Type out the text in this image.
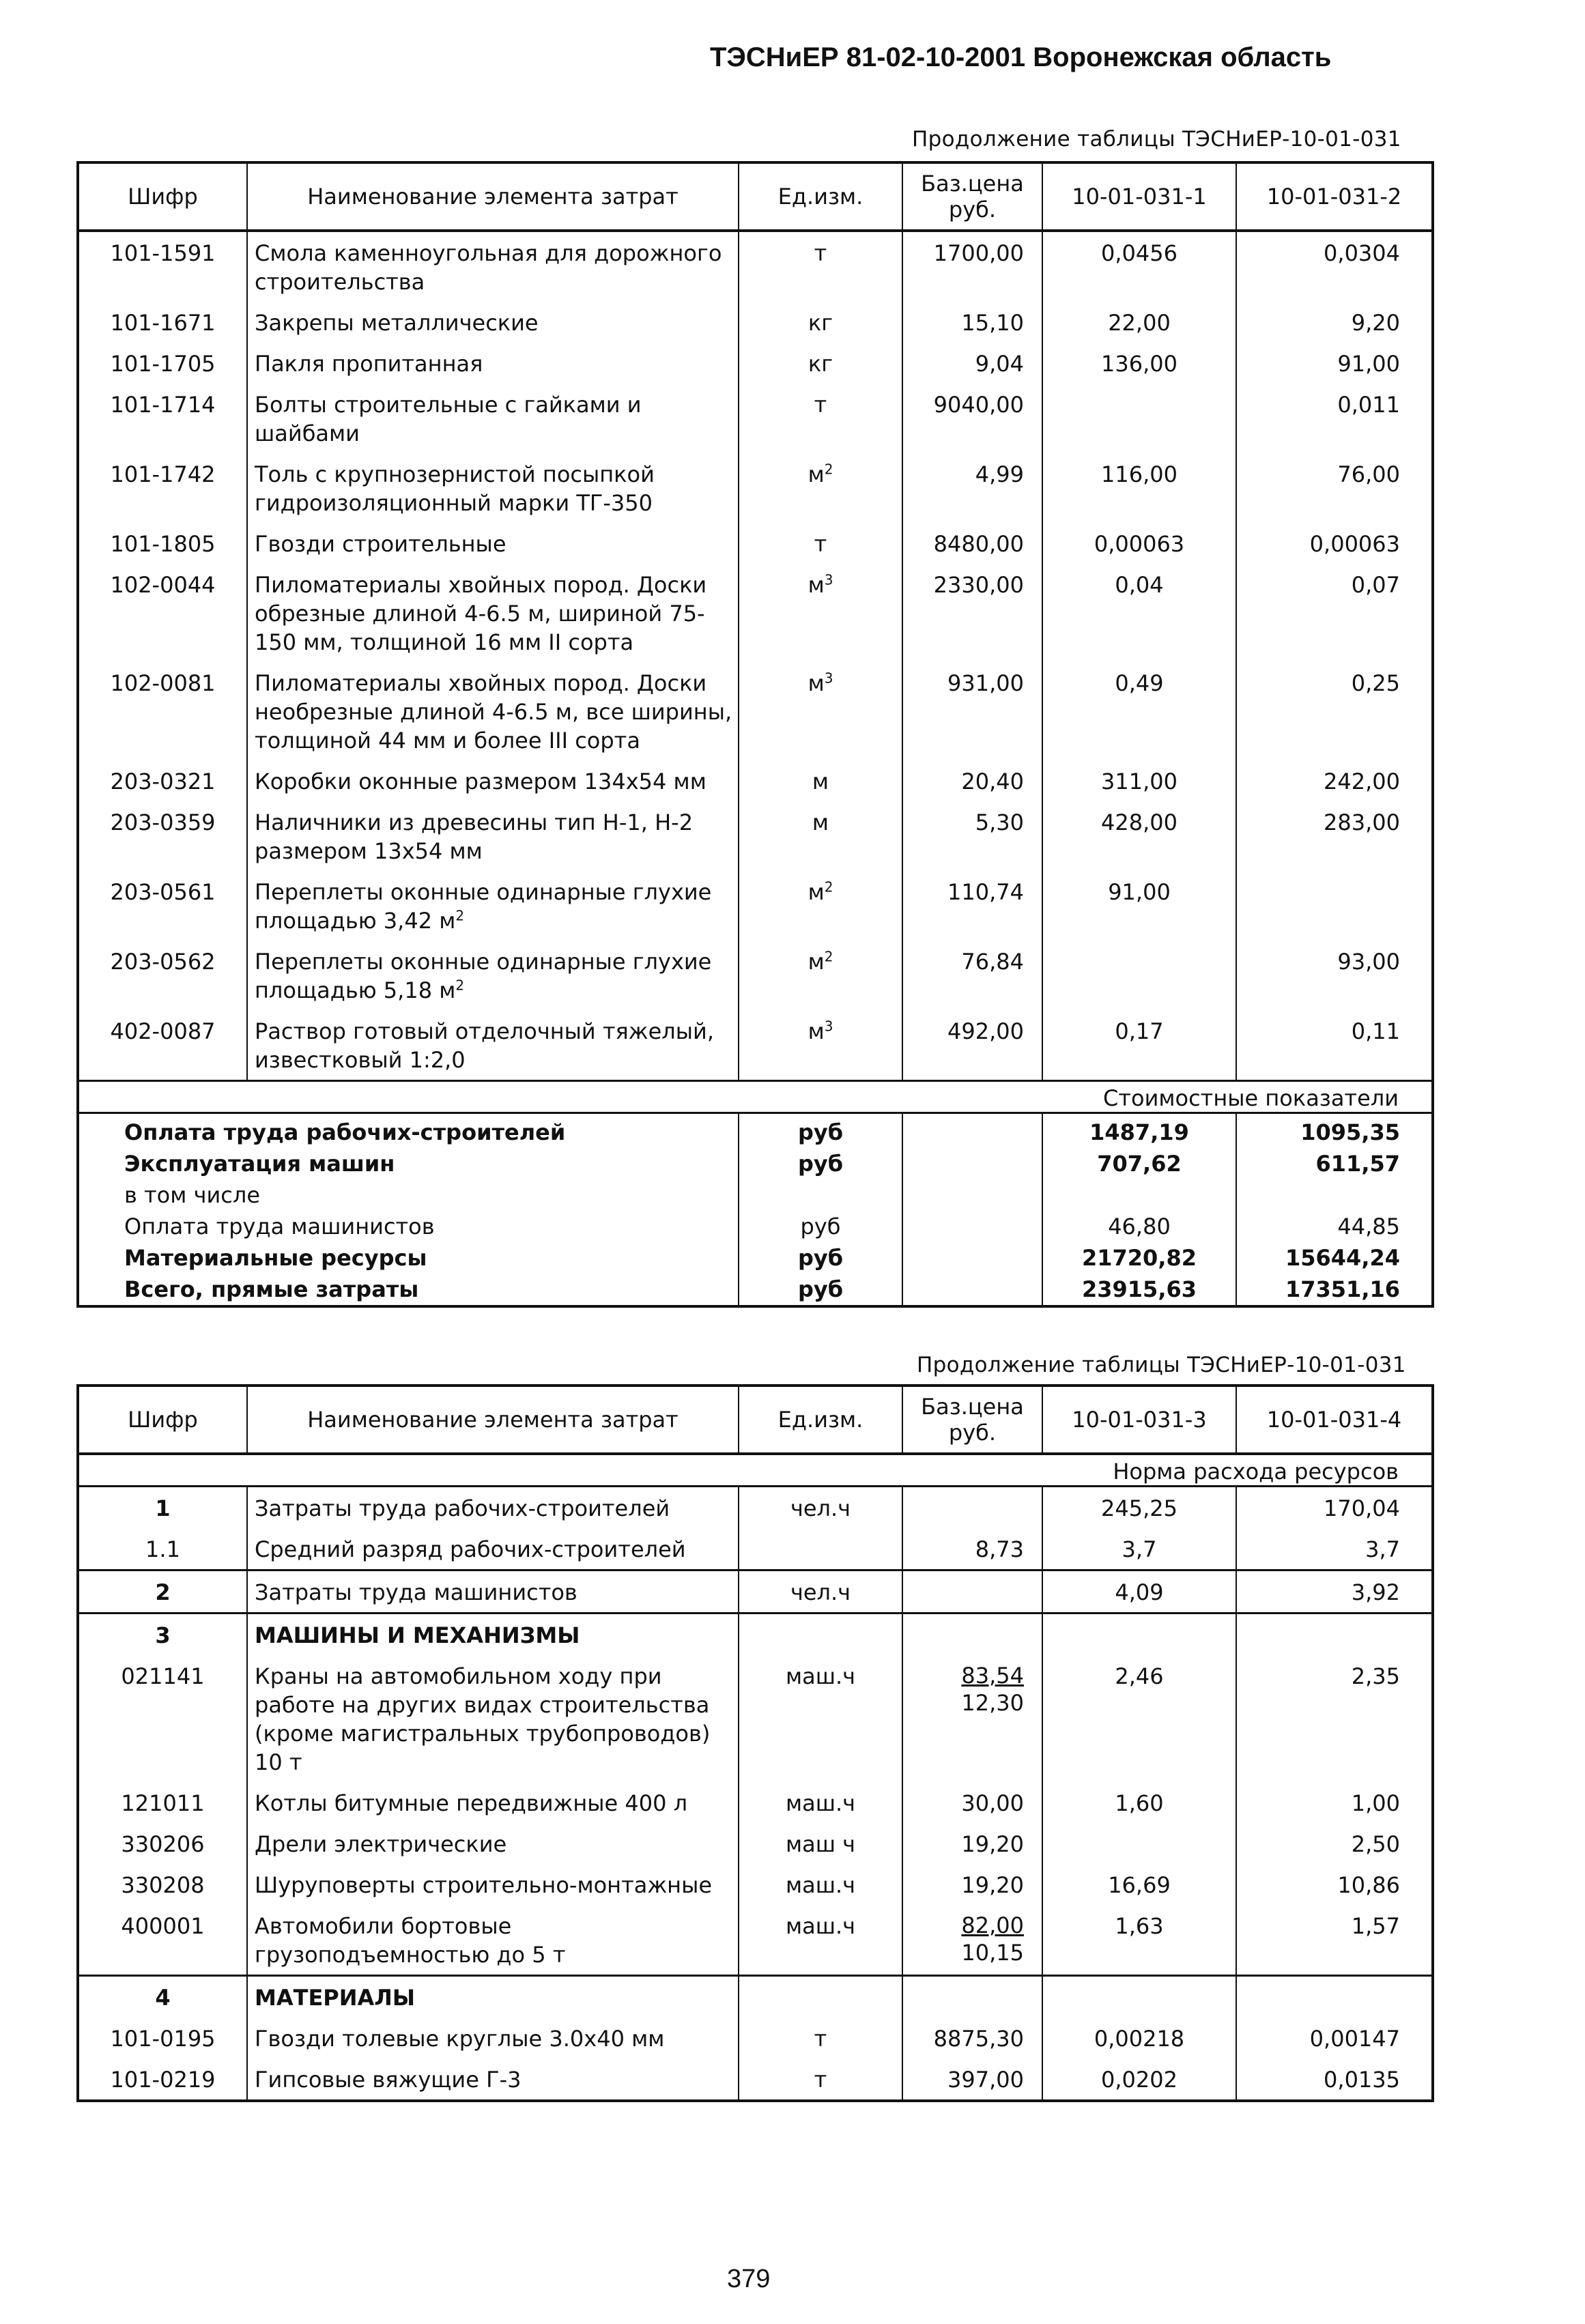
ТЭСНиЕР 81-02-10-2001 Воронежская область
Продолжение таблицы ТЭСНиЕР-10-01-031
Шифр	Наименование элемента затрат	Ед.изм.	Баз.цена руб.	10-01-031-1	10-01-031-2
101-1591	Смола каменноугольная для дорожного строительства	т	1700,00	0,0456	0,0304
101-1671	Закрепы металлические	кг	15,10	22,00	9,20
101-1705	Пакля пропитанная	кг	9,04	136,00	91,00
101-1714	Болты строительные с гайками и шайбами	т	9040,00		0,011
101-1742	Толь с крупнозернистой посыпкой гидроизоляционный марки ТГ-350	$м^2$	4,99	116,00	76,00
101-1805	Гвозди строительные	т	8480,00	0,00063	0,00063
102-0044	Пиломатериалы хвойных пород. Доски обрезные длиной 4-6.5 м, шириной 75-150 мм, толщиной 16 мм II сорта	$м^3$	2330,00	0,04	0,07
102-0081	Пиломатериалы хвойных пород. Доски необрезные длиной 4-6.5 м, все ширины, толщиной 44 мм и более III сорта	$м^3$	931,00	0,49	0,25
203-0321	Коробки оконные размером 134x54 мм	м	20,40	311,00	242,00
203-0359	Наличники из древесины тип Н-1, Н-2 размером 13x54 мм	м	5,30	428,00	283,00
203-0561	Переплеты оконные одинарные глухие площадью 3,42 $м^2$	$м^2$	110,74	91,00	
203-0562	Переплеты оконные одинарные глухие площадью 5,18 $м^2$	$м^2$	76,84		93,00
402-0087	Раствор готовый отделочный тяжелый, известковый 1:2,0	$м^3$	492,00	0,17	0,11
Стоимостные показатели					
Оплата труда рабочих-строителей		руб		1487,19	1095,35
Эксплуатация машин		руб		707,62	611,57
в том числе					
Оплата труда машинистов		руб		46,80	44,85
Материальные ресурсы		руб		21720,82	15644,24
Всего, прямые затраты		руб		23915,63	17351,16
Продолжение таблицы ТЭСНиЕР-10-01-031
Шифр	Наименование элемента затрат	Ед.изм.	Баз.цена руб.	10-01-031-3	10-01-031-4
Норма расхода ресурсов					
1	Затраты труда рабочих-строителей	чел.ч		245,25	170,04
1.1	Средний разряд рабочих-строителей		8,73	3,7	3,7
2	Затраты труда машинистов	чел.ч		4,09	3,92
3	МАШИНЫ И МЕХАНИЗМЫ				
021141	Краны на автомобильном ходу при работе на других видах строительства (кроме магистральных трубопроводов) 10 т	маш.ч	$\frac{83,54}{12,30}$	2,46	2,35
121011	Котлы битумные передвижные 400 л	маш.ч	30,00	1,60	1,00
330206	Дрели электрические	маш ч	19,20		2,50
330208	Шуруповерты строительно-монтажные	маш.ч	19,20	16,69	10,86
400001	Автомобили бортовые грузоподъемностью до 5 т	маш.ч	$\frac{82,00}{10,15}$	1,63	1,57
4	МАТЕРИАЛЫ				
101-0195	Гвозди толевые круглые 3.0x40 мм	т	8875,30	0,00218	0,00147
101-0219	Гипсовые вяжущие Г-3	т	397,00	0,0202	0,0135
379
